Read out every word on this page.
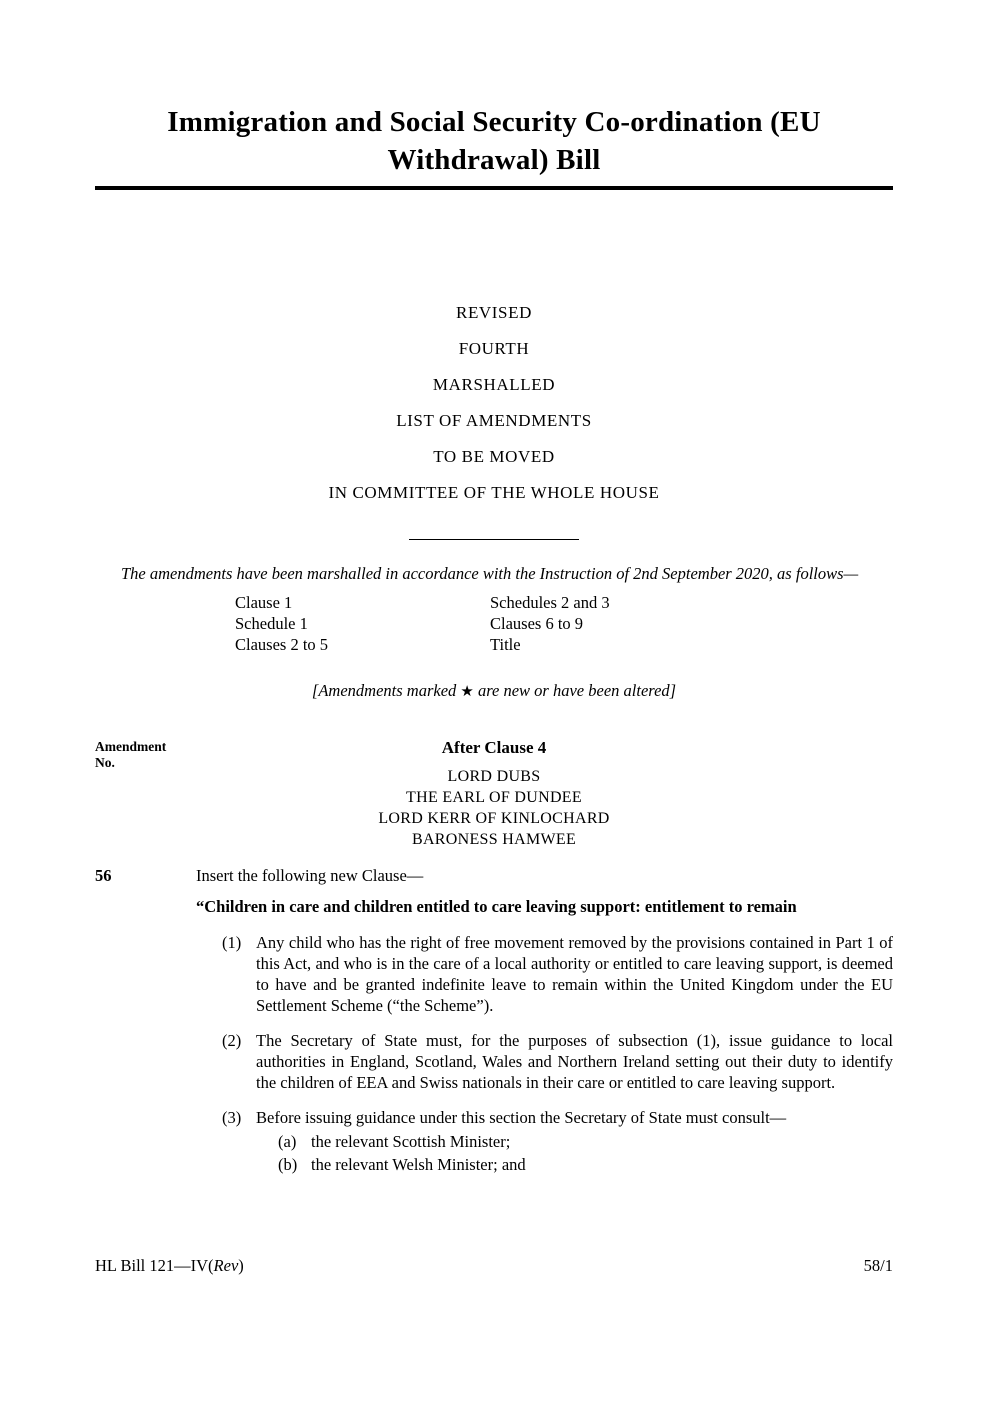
Immigration and Social Security Co-ordination (EU
Withdrawal) Bill
REVISED
FOURTH
MARSHALLED
LIST OF AMENDMENTS
TO BE MOVED
IN COMMITTEE OF THE WHOLE HOUSE

The amendments have been marshalled in accordance with the Instruction of 2nd September 2020, as follows—

Clause 1
Schedule 1
Clauses 2 to 5
Schedules 2 and 3
Clauses 6 to 9
Title
[Amendments marked ★ are new or have been altered]
Amendment
No.
After Clause 4
LORD DUBS
THE EARL OF DUNDEE
LORD KERR OF KINLOCHARD
BARONESS HAMWEE
56	Insert the following new Clause—
“Children in care and children entitled to care leaving support: entitlement to remain
(1) Any child who has the right of free movement removed by the provisions contained in Part 1 of this Act, and who is in the care of a local authority or entitled to care leaving support, is deemed to have and be granted indefinite leave to remain within the United Kingdom under the EU Settlement Scheme (“the Scheme”).
(2) The Secretary of State must, for the purposes of subsection (1), issue guidance to local authorities in England, Scotland, Wales and Northern Ireland setting out their duty to identify the children of EEA and Swiss nationals in their care or entitled to care leaving support.
(3) Before issuing guidance under this section the Secretary of State must consult—
(a) the relevant Scottish Minister;
(b) the relevant Welsh Minister; and
HL Bill 121—IV(Rev)	58/1
